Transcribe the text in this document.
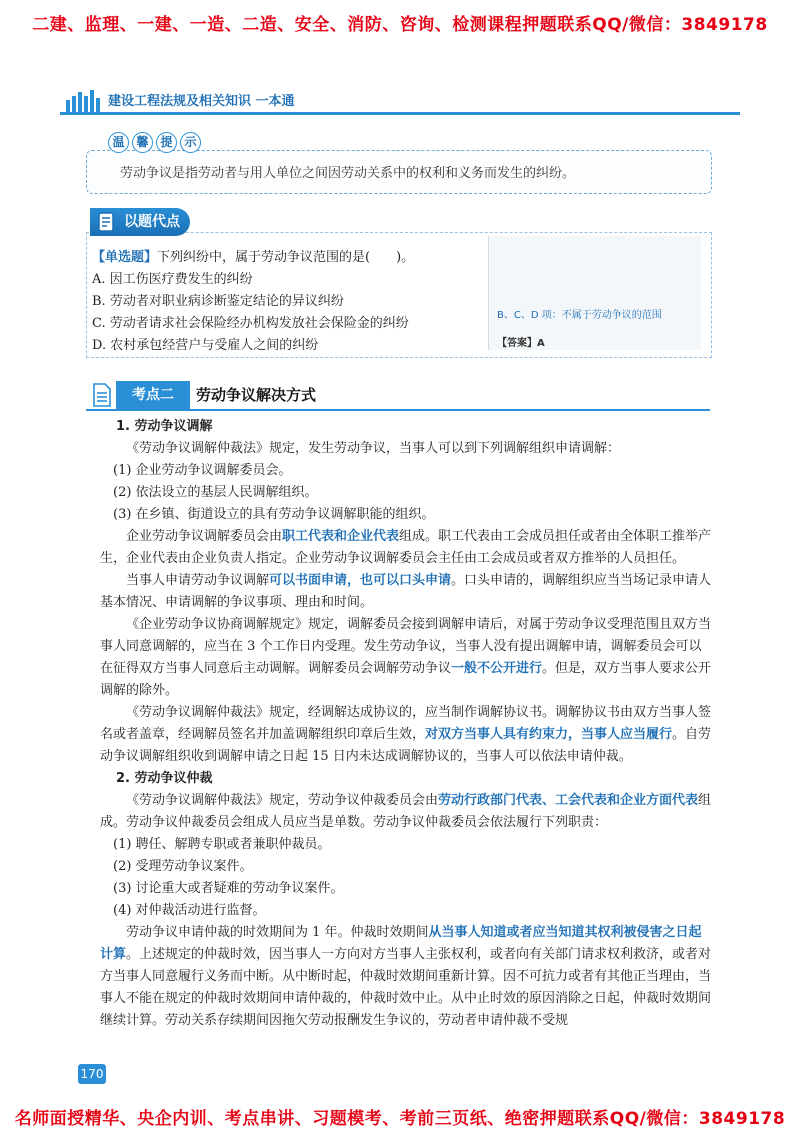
二建、监理、一建、一造、二造、安全、消防、咨询、检测课程押题联系QQ/微信：3849178
建设工程法规及相关知识 一本通
温 馨 提 示
劳动争议是指劳动者与用人单位之间因劳动关系中的权利和义务而发生的纠纷。
以题代点
【单选题】下列纠纷中，属于劳动争议范围的是(　　)。
A. 因工伤医疗费发生的纠纷
B. 劳动者对职业病诊断鉴定结论的异议纠纷
C. 劳动者请求社会保险经办机构发放社会保险金的纠纷
D. 农村承包经营户与受雇人之间的纠纷
B、C、D 项：不属于劳动争议的范围
【答案】A
考点二	劳动争议解决方式

1. 劳动争议调解

《劳动争议调解仲裁法》规定，发生劳动争议，当事人可以到下列调解组织申请调解：

(1) 企业劳动争议调解委员会。

(2) 依法设立的基层人民调解组织。

(3) 在乡镇、街道设立的具有劳动争议调解职能的组织。

企业劳动争议调解委员会由职工代表和企业代表组成。职工代表由工会成员担任或者由全体职工推举产生，企业代表由企业负责人指定。企业劳动争议调解委员会主任由工会成员或者双方推举的人员担任。

当事人申请劳动争议调解可以书面申请，也可以口头申请。口头申请的，调解组织应当当场记录申请人基本情况、申请调解的争议事项、理由和时间。

《企业劳动争议协商调解规定》规定，调解委员会接到调解申请后，对属于劳动争议受理范围且双方当事人同意调解的，应当在 3 个工作日内受理。发生劳动争议，当事人没有提出调解申请，调解委员会可以在征得双方当事人同意后主动调解。调解委员会调解劳动争议一般不公开进行。但是，双方当事人要求公开调解的除外。

《劳动争议调解仲裁法》规定，经调解达成协议的，应当制作调解协议书。调解协议书由双方当事人签名或者盖章，经调解员签名并加盖调解组织印章后生效，对双方当事人具有约束力，当事人应当履行。自劳动争议调解组织收到调解申请之日起 15 日内未达成调解协议的，当事人可以依法申请仲裁。

2. 劳动争议仲裁

《劳动争议调解仲裁法》规定，劳动争议仲裁委员会由劳动行政部门代表、工会代表和企业方面代表组成。劳动争议仲裁委员会组成人员应当是单数。劳动争议仲裁委员会依法履行下列职责：

(1) 聘任、解聘专职或者兼职仲裁员。

(2) 受理劳动争议案件。

(3) 讨论重大或者疑难的劳动争议案件。

(4) 对仲裁活动进行监督。

劳动争议申请仲裁的时效期间为 1 年。仲裁时效期间从当事人知道或者应当知道其权利被侵害之日起计算。上述规定的仲裁时效，因当事人一方向对方当事人主张权利，或者向有关部门请求权利救济，或者对方当事人同意履行义务而中断。从中断时起，仲裁时效期间重新计算。因不可抗力或者有其他正当理由，当事人不能在规定的仲裁时效期间申请仲裁的，仲裁时效中止。从中止时效的原因消除之日起，仲裁时效期间继续计算。劳动关系存续期间因拖欠劳动报酬发生争议的，劳动者申请仲裁不受规

170
名师面授精华、央企内训、考点串讲、习题模考、考前三页纸、绝密押题联系QQ/微信：3849178
